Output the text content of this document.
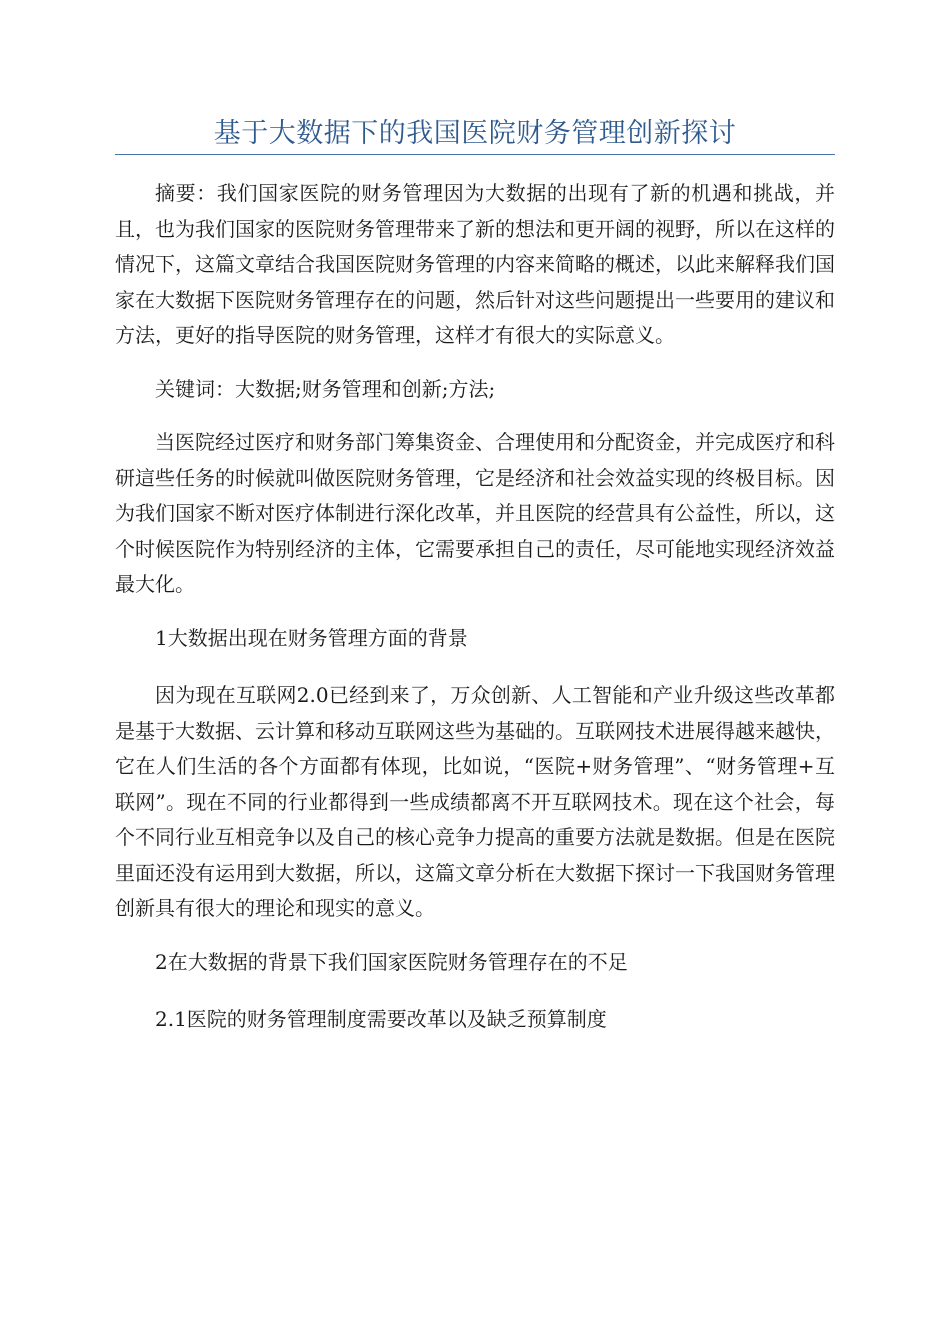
基于大数据下的我国医院财务管理创新探讨

摘要：我们国家医院的财务管理因为大数据的出现有了新的机遇和挑战，并且，也为我们国家的医院财务管理带来了新的想法和更开阔的视野，所以在这样的情况下，这篇文章结合我国医院财务管理的内容来简略的概述，以此来解释我们国家在大数据下医院财务管理存在的问题，然后针对这些问题提出一些要用的建议和方法，更好的指导医院的财务管理，这样才有很大的实际意义。

关键词：大数据;财务管理和创新;方法;

当医院经过医疗和财务部门筹集资金、合理使用和分配资金，并完成医疗和科研這些任务的时候就叫做医院财务管理，它是经济和社会效益实现的终极目标。因为我们国家不断对医疗体制进行深化改革，并且医院的经营具有公益性，所以，这个时候医院作为特别经济的主体，它需要承担自己的责任，尽可能地实现经济效益最大化。

1大数据出现在财务管理方面的背景

因为现在互联网2.0已经到来了，万众创新、人工智能和产业升级这些改革都是基于大数据、云计算和移动互联网这些为基础的。互联网技术进展得越来越快，它在人们生活的各个方面都有体现，比如说，“医院+财务管理”、“财务管理+互联网”。现在不同的行业都得到一些成绩都离不开互联网技术。现在这个社会，每个不同行业互相竞争以及自己的核心竞争力提高的重要方法就是数据。但是在医院里面还没有运用到大数据，所以，这篇文章分析在大数据下探讨一下我国财务管理创新具有很大的理论和现实的意义。

2在大数据的背景下我们国家医院财务管理存在的不足

2.1医院的财务管理制度需要改革以及缺乏预算制度
